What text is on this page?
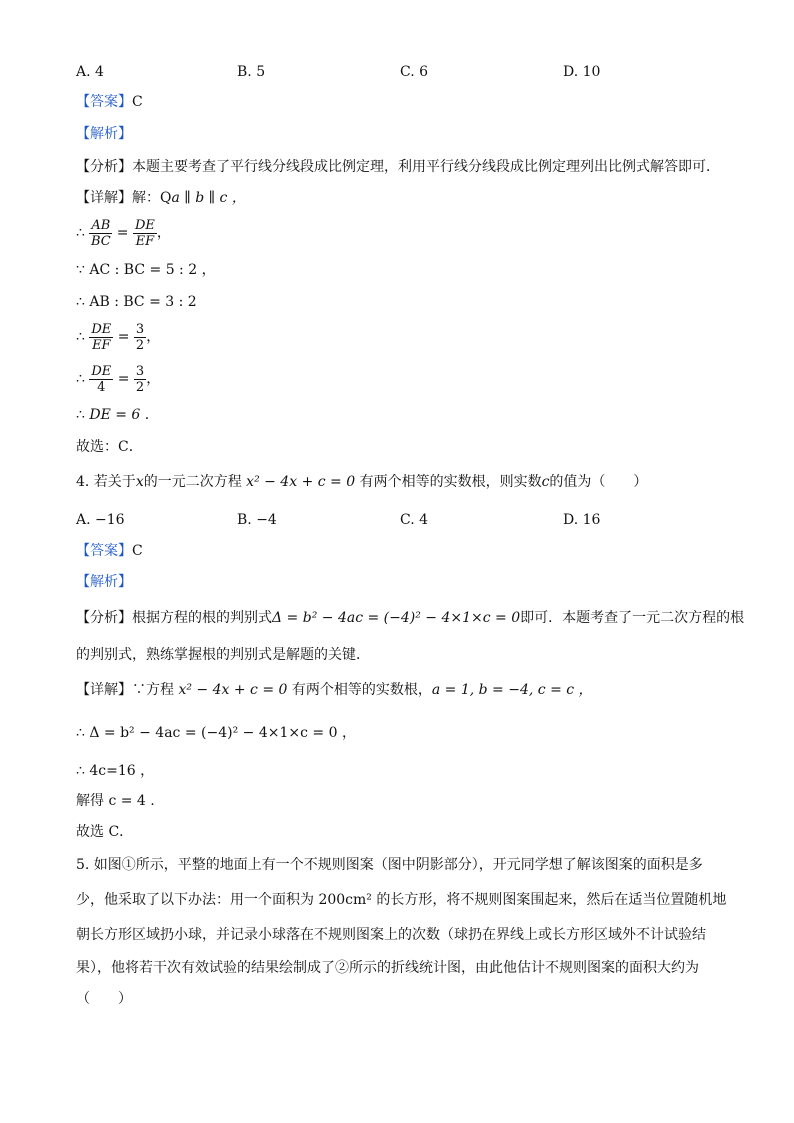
A. 4	B. 5	C. 6	D. 10
【答案】C
【解析】
【分析】本题主要考查了平行线分线段成比例定理，利用平行线分线段成比例定理列出比例式解答即可．
【详解】解：Qa ∥ b ∥ c ，
∴ $\frac{AB}{BC} = \frac{DE}{EF}$ ，
∵ AC : BC = 5 : 2 ，
∴ AB : BC = 3 : 2
∴ $\frac{DE}{EF} = \frac{3}{2}$ ，
∴ $\frac{DE}{4} = \frac{3}{2}$ ，
∴ DE = 6 .
故选：C．
4. 若关于x的一元二次方程 x² − 4x + c = 0 有两个相等的实数根，则实数c的值为（　　）
A. −16	B. −4	C. 4	D. 16
【答案】C
【解析】
【分析】根据方程的根的判别式Δ = b² − 4ac = (−4)² − 4×1×c = 0即可．本题考查了一元二次方程的根
的判别式，熟练掌握根的判别式是解题的关键．
【详解】∵方程 x² − 4x + c = 0 有两个相等的实数根，a = 1, b = −4, c = c ，
∴ Δ = b² − 4ac = (−4)² − 4×1×c = 0 ，
∴ 4c=16 ，
解得 c = 4 .
故选 C．
5. 如图①所示，平整的地面上有一个不规则图案（图中阴影部分），开元同学想了解该图案的面积是多
少，他采取了以下办法：用一个面积为 200cm² 的长方形，将不规则图案围起来，然后在适当位置随机地
朝长方形区域扔小球，并记录小球落在不规则图案上的次数（球扔在界线上或长方形区域外不计试验结
果），他将若干次有效试验的结果绘制成了②所示的折线统计图，由此他估计不规则图案的面积大约为
（　　）
